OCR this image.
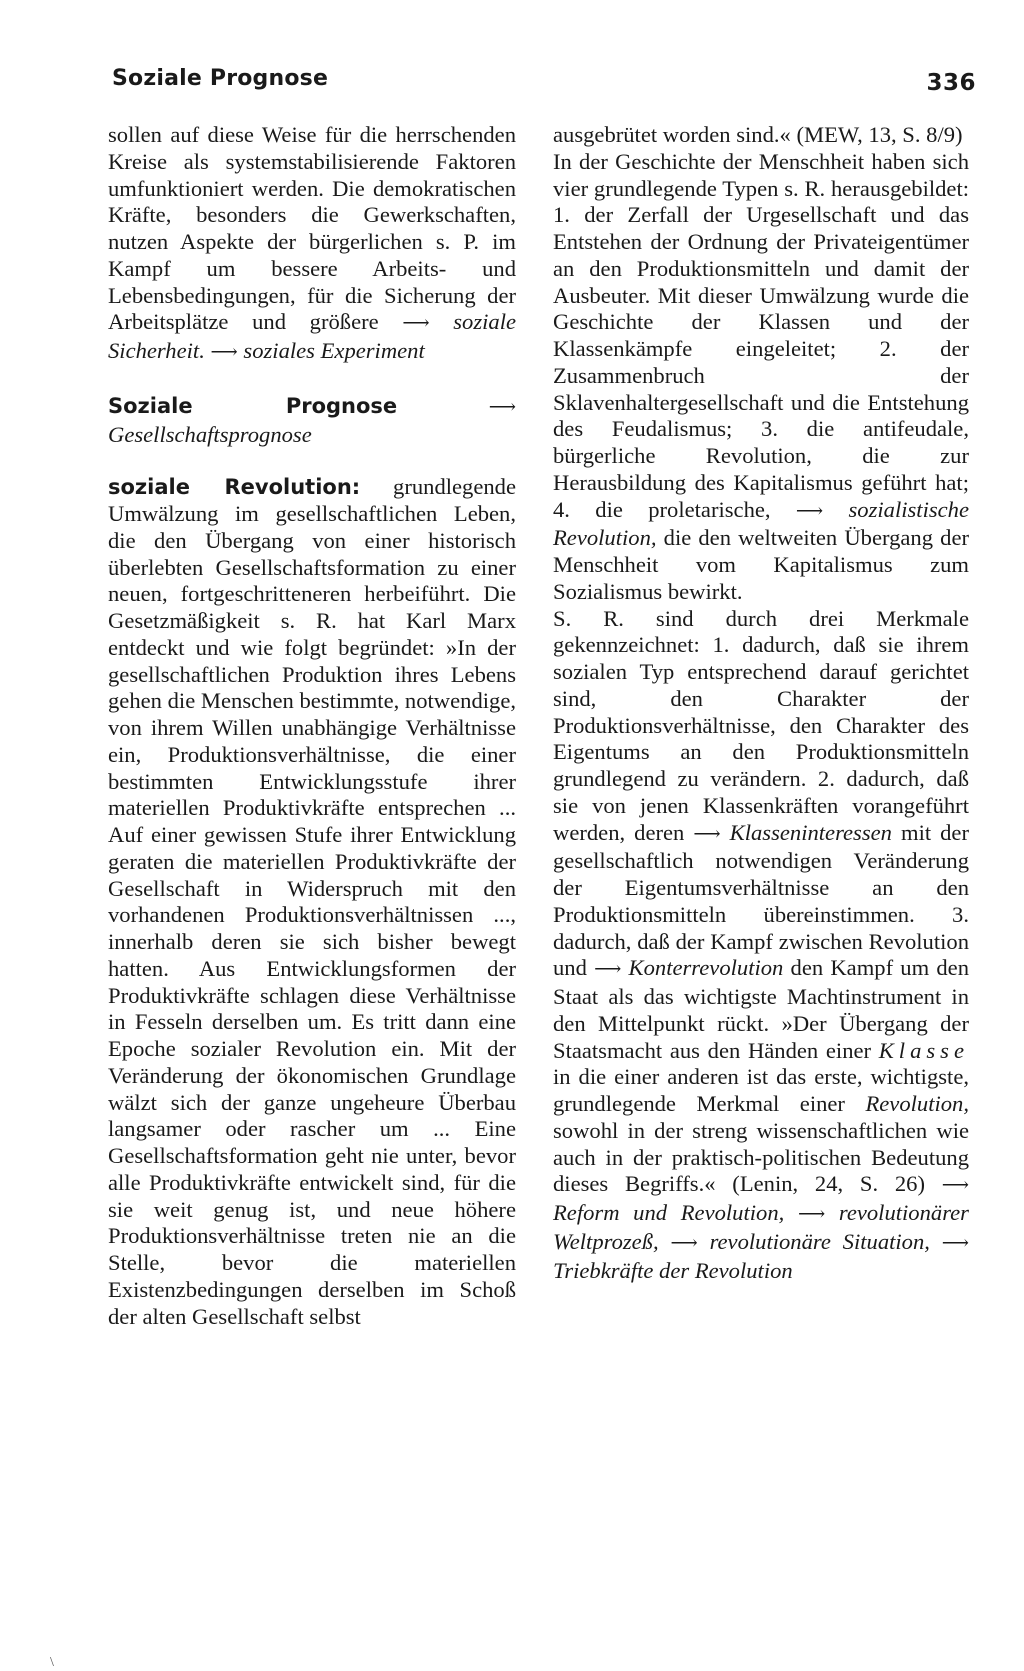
Soziale Prognose	336

sollen auf diese Weise für die herrschenden Kreise als systemstabilisierende Faktoren umfunktioniert werden. Die demokratischen Kräfte, besonders die Gewerkschaften, nutzen Aspekte der bürgerlichen s. P. im Kampf um bessere Arbeits- und Lebensbedingungen, für die Sicherung der Arbeitsplätze und größere ⟶ soziale Sicherheit. ⟶ soziales Experiment

Soziale Prognose	⟶ Gesellschaftsprognose

soziale Revolution: grundlegende Umwälzung im gesellschaftlichen Leben, die den Übergang von einer historisch überlebten Gesellschaftsformation zu einer neuen, fortgeschritteneren herbeiführt. Die Gesetzmäßigkeit s. R. hat Karl Marx entdeckt und wie folgt begründet: »In der gesellschaftlichen Produktion ihres Lebens gehen die Menschen bestimmte, notwendige, von ihrem Willen unabhängige Verhältnisse ein, Produktionsverhältnisse, die einer bestimmten Entwicklungsstufe ihrer materiellen Produktivkräfte entsprechen ... Auf einer gewissen Stufe ihrer Entwicklung geraten die materiellen Produktivkräfte der Gesellschaft in Widerspruch mit den vorhandenen Produktionsverhältnissen ..., innerhalb deren sie sich bisher bewegt hatten. Aus Entwicklungsformen der Produktivkräfte schlagen diese Verhältnisse in Fesseln derselben um. Es tritt dann eine Epoche sozialer Revolution ein. Mit der Veränderung der ökonomischen Grundlage wälzt sich der ganze ungeheure Überbau langsamer oder rascher um ... Eine Gesellschaftsformation geht nie unter, bevor alle Produktivkräfte entwickelt sind, für die sie weit genug ist, und neue höhere Produktionsverhältnisse treten nie an die Stelle, bevor die materiellen Existenzbedingungen derselben im Schoß der alten Gesellschaft selbst

ausgebrütet worden sind.« (MEW, 13, S. 8/9)

In der Geschichte der Menschheit haben sich vier grundlegende Typen s. R. herausgebildet: 1. der Zerfall der Urgesellschaft und das Entstehen der Ordnung der Privateigentümer an den Produktionsmitteln und damit der Ausbeuter. Mit dieser Umwälzung wurde die Geschichte der Klassen und der Klassenkämpfe eingeleitet; 2. der Zusammenbruch der Sklavenhaltergesellschaft und die Entstehung des Feudalismus; 3. die antifeudale, bürgerliche Revolution, die zur Herausbildung des Kapitalismus geführt hat; 4. die proletarische, ⟶ sozialistische Revolution, die den weltweiten Übergang der Menschheit vom Kapitalismus zum Sozialismus bewirkt.

S. R. sind durch drei Merkmale gekennzeichnet: 1. dadurch, daß sie ihrem sozialen Typ entsprechend darauf gerichtet sind, den Charakter der Produktionsverhältnisse, den Charakter des Eigentums an den Produktionsmitteln grundlegend zu verändern. 2. dadurch, daß sie von jenen Klassenkräften vorangeführt werden, deren ⟶ Klasseninteressen mit der gesellschaftlich notwendigen Veränderung der Eigentumsverhältnisse an den Produktionsmitteln übereinstimmen. 3. dadurch, daß der Kampf zwischen Revolution und ⟶ Konterrevolution den Kampf um den Staat als das wichtigste Machtinstrument in den Mittelpunkt rückt. »Der Übergang der Staatsmacht aus den Händen einer Klasse in die einer anderen ist das erste, wichtigste, grundlegende Merkmal einer Revolution, sowohl in der streng wissenschaftlichen wie auch in der praktisch-politischen Bedeutung dieses Begriffs.« (Lenin, 24, S. 26) ⟶ Reform und Revolution, ⟶ revolutionärer Weltprozeß, ⟶ revolutionäre Situation, ⟶ Triebkräfte der Revolution

\
